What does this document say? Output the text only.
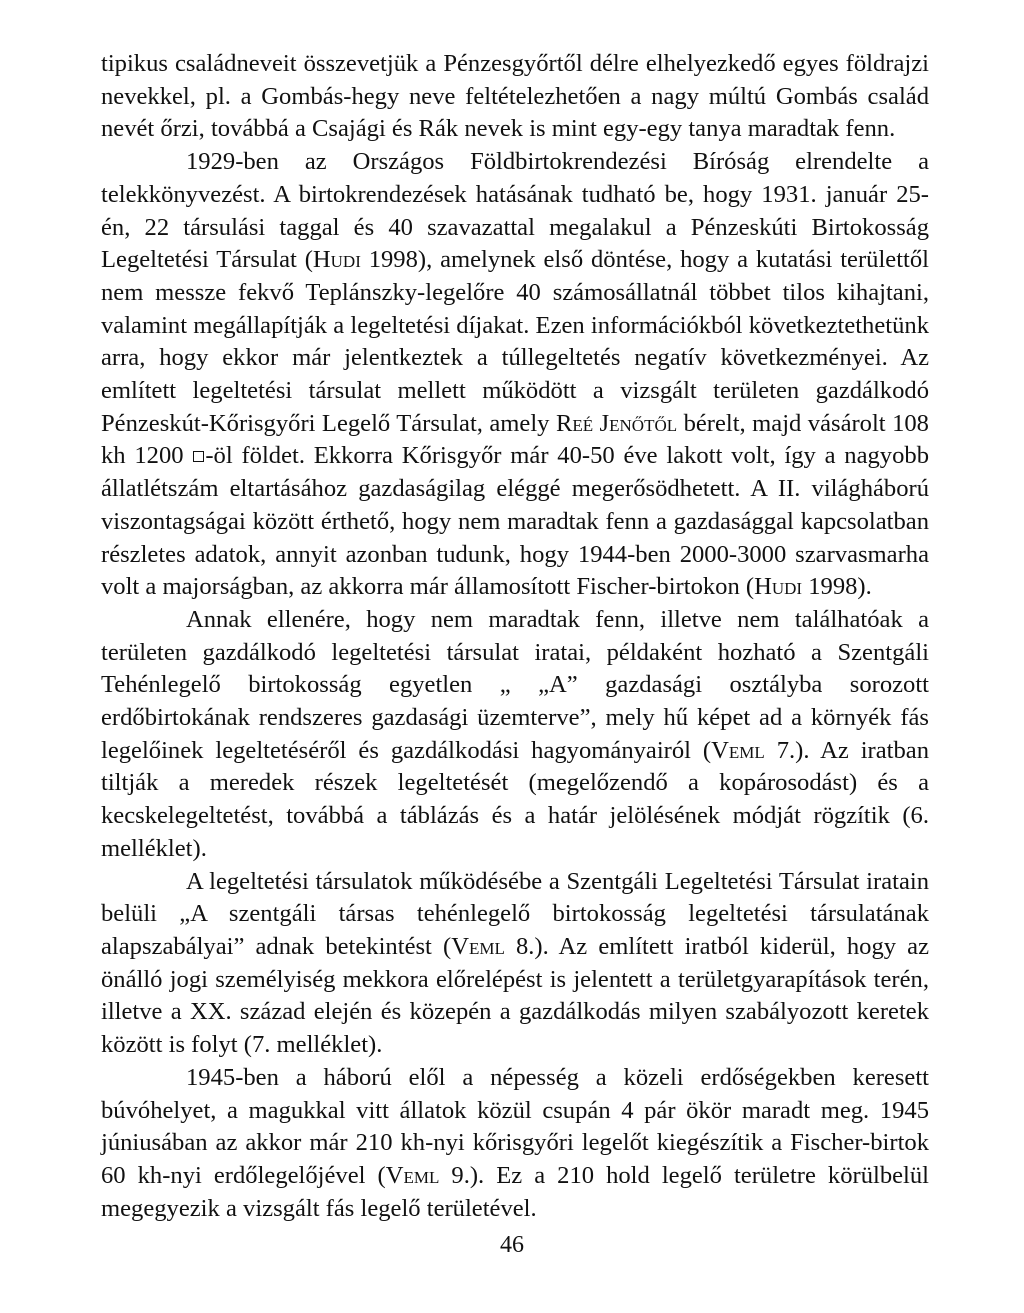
tipikus családneveit összevetjük a Pénzesgyőrtől délre elhelyezkedő egyes földrajzi nevekkel, pl. a Gombás-hegy neve feltételezhetően a nagy múltú Gombás család nevét őrzi, továbbá a Csajági és Rák nevek is mint egy-egy tanya maradtak fenn.

1929-ben az Országos Földbirtokrendezési Bíróság elrendelte a telekkönyvezést. A birtokrendezések hatásának tudható be, hogy 1931. január 25-én, 22 társulási taggal és 40 szavazattal megalakul a Pénzeskúti Birtokosság Legeltetési Társulat (Hudi 1998), amelynek első döntése, hogy a kutatási területtől nem messze fekvő Teplánszky-legelőre 40 számosállatnál többet tilos kihajtani, valamint megállapítják a legeltetési díjakat. Ezen információkból következtethetünk arra, hogy ekkor már jelentkeztek a túllegeltetés negatív következményei. Az említett legeltetési társulat mellett működött a vizsgált területen gazdálkodó Pénzeskút-Kőrisgyőri Legelő Társulat, amely Reé Jenőtől bérelt, majd vásárolt 108 kh 1200 -öl földet. Ekkorra Kőrisgyőr már 40-50 éve lakott volt, így a nagyobb állatlétszám eltartásához gazdaságilag eléggé megerősödhetett. A II. világháború viszontagságai között érthető, hogy nem maradtak fenn a gazdasággal kapcsolatban részletes adatok, annyit azonban tudunk, hogy 1944-ben 2000-3000 szarvasmarha volt a majorságban, az akkorra már államosított Fischer-birtokon (Hudi 1998).

Annak ellenére, hogy nem maradtak fenn, illetve nem találhatóak a területen gazdálkodó legeltetési társulat iratai, példaként hozható a Szentgáli Tehénlegelő birtokosság egyetlen „ „A” gazdasági osztályba sorozott erdőbirtokának rendszeres gazdasági üzemterve”, mely hű képet ad a környék fás legelőinek legeltetéséről és gazdálkodási hagyományairól (Veml 7.). Az iratban tiltják a meredek részek legeltetését (megelőzendő a kopárosodást) és a kecskelegeltetést, továbbá a táblázás és a határ jelölésének módját rögzítik (6. melléklet).

A legeltetési társulatok működésébe a Szentgáli Legeltetési Társulat iratain belüli „A szentgáli társas tehénlegelő birtokosság legeltetési társulatának alapszabályai” adnak betekintést (Veml 8.). Az említett iratból kiderül, hogy az önálló jogi személyiség mekkora előrelépést is jelentett a területgyarapítások terén, illetve a XX. század elején és közepén a gazdálkodás milyen szabályozott keretek között is folyt (7. melléklet).

1945-ben a háború elől a népesség a közeli erdőségekben keresett búvóhelyet, a magukkal vitt állatok közül csupán 4 pár ökör maradt meg. 1945 júniusában az akkor már 210 kh-nyi kőrisgyőri legelőt kiegészítik a Fischer-birtok 60 kh-nyi erdőlegelőjével (Veml 9.). Ez a 210 hold legelő területre körülbelül megegyezik a vizsgált fás legelő területével.

46
